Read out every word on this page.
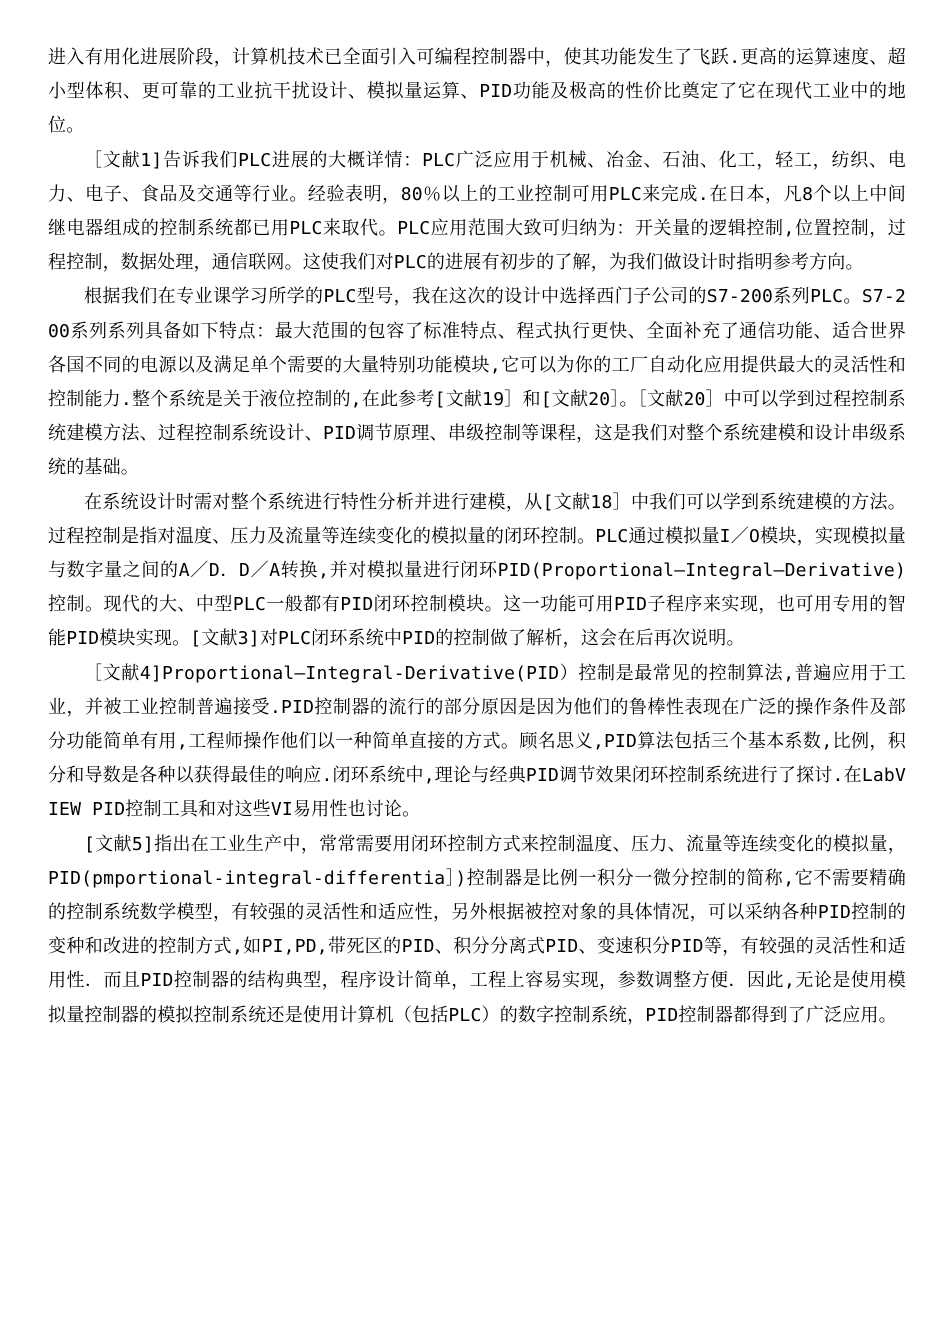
进入有用化进展阶段，计算机技术已全面引入可编程控制器中，使其功能发生了飞跃.更高的运算速度、超小型体积、更可靠的工业抗干扰设计、模拟量运算、PID功能及极高的性价比奠定了它在现代工业中的地位。

［文献1]告诉我们PLC进展的大概详情：PLC广泛应用于机械、冶金、石油、化工，轻工，纺织、电力、电子、食品及交通等行业。经验表明，80％以上的工业控制可用PLC来完成.在日本，凡8个以上中间继电器组成的控制系统都已用PLC来取代。PLC应用范围大致可归纳为：开关量的逻辑控制,位置控制，过程控制，数据处理，通信联网。这使我们对PLC的进展有初步的了解，为我们做设计时指明参考方向。

根据我们在专业课学习所学的PLC型号，我在这次的设计中选择西门子公司的S7-200系列PLC。S7-200系列系列具备如下特点：最大范围的包容了标准特点、程式执行更快、全面补充了通信功能、适合世界各国不同的电源以及满足单个需要的大量特别功能模块,它可以为你的工厂自动化应用提供最大的灵活性和控制能力.整个系统是关于液位控制的,在此参考[文献19］和[文献20］。［文献20］中可以学到过程控制系统建模方法、过程控制系统设计、PID调节原理、串级控制等课程，这是我们对整个系统建模和设计串级系统的基础。

在系统设计时需对整个系统进行特性分析并进行建模，从[文献18］中我们可以学到系统建模的方法。过程控制是指对温度、压力及流量等连续变化的模拟量的闭环控制。PLC通过模拟量I／O模块，实现模拟量与数字量之间的A／D．D／A转换,并对模拟量进行闭环PID(Proportional—Integral—Derivative)控制。现代的大、中型PLC一般都有PID闭环控制模块。这一功能可用PID子程序来实现，也可用专用的智能PID模块实现。[文献3]对PLC闭环系统中PID的控制做了解析，这会在后再次说明。

［文献4]Proportional—Integral-Derivative(PID）控制是最常见的控制算法,普遍应用于工业，并被工业控制普遍接受.PID控制器的流行的部分原因是因为他们的鲁棒性表现在广泛的操作条件及部分功能简单有用,工程师操作他们以一种简单直接的方式。顾名思义,PID算法包括三个基本系数,比例，积分和导数是各种以获得最佳的响应.闭环系统中,理论与经典PID调节效果闭环控制系统进行了探讨.在LabVIEW PID控制工具和对这些VI易用性也讨论。

[文献5]指出在工业生产中，常常需要用闭环控制方式来控制温度、压力、流量等连续变化的模拟量，PID(pmportional-integral-differentia］)控制器是比例一积分一微分控制的简称,它不需要精确的控制系统数学模型，有较强的灵活性和适应性，另外根据被控对象的具体情况，可以采纳各种PID控制的变种和改进的控制方式,如PI,PD,带死区的PID、积分分离式PID、变速积分PID等，有较强的灵活性和适用性．而且PID控制器的结构典型，程序设计简单，工程上容易实现，参数调整方便．因此,无论是使用模拟量控制器的模拟控制系统还是使用计算机（包括PLC）的数字控制系统，PID控制器都得到了广泛应用。
